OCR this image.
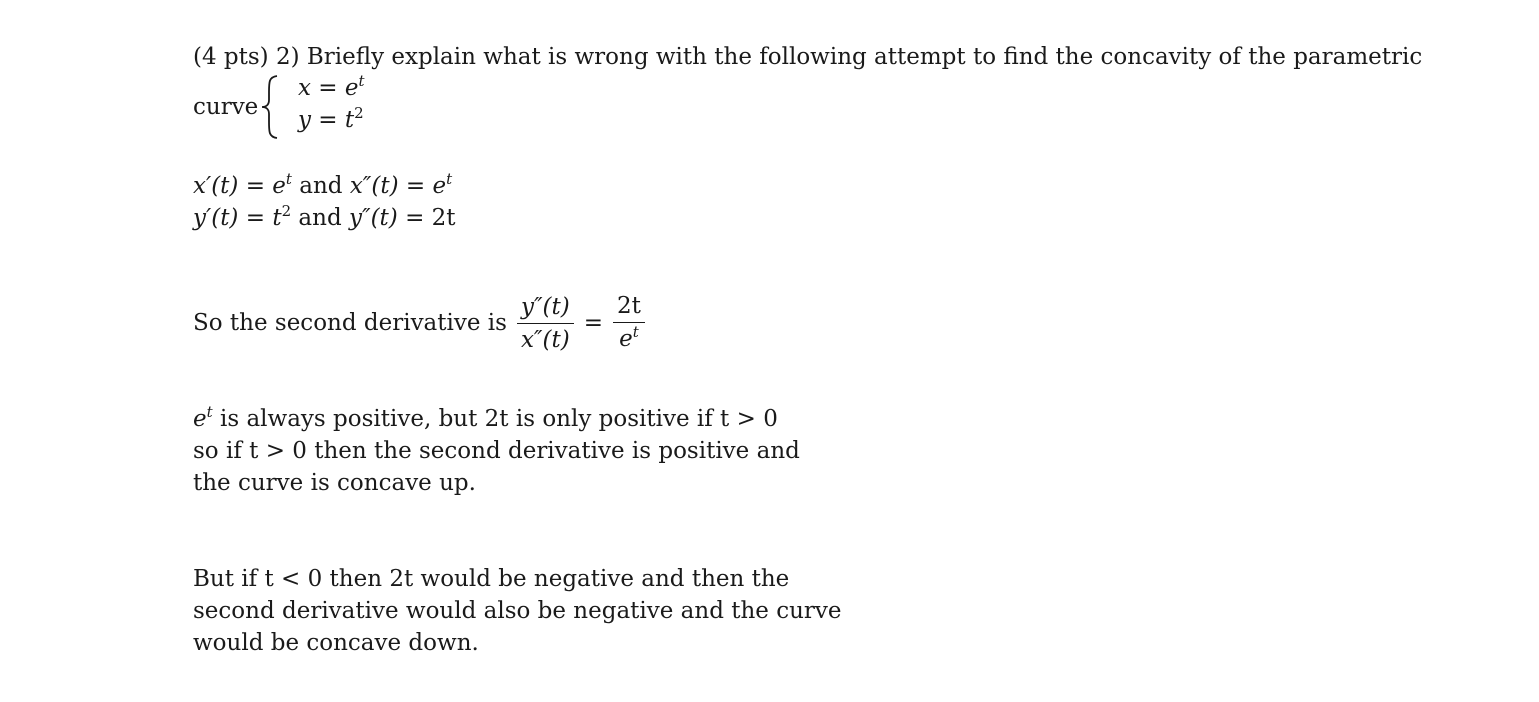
(4 pts) 2) Briefly explain what is wrong with the following attempt to find the concavity of the parametric
curve
$x = e^t$
$y = t^2$
$x'(t) = e^t$ and $x''(t) = e^t$
$y'(t) = t^2$ and y″(t) = 2t
So the second derivative is $\frac{y''(t)}{x''(t)} = \frac{2t}{e^t}$
$e^t$ is always positive, but 2t is only positive if t > 0
so if t > 0 then the second derivative is positive and
the curve is concave up.
But if t < 0 then 2t would be negative and then the
second derivative would also be negative and the curve
would be concave down.
